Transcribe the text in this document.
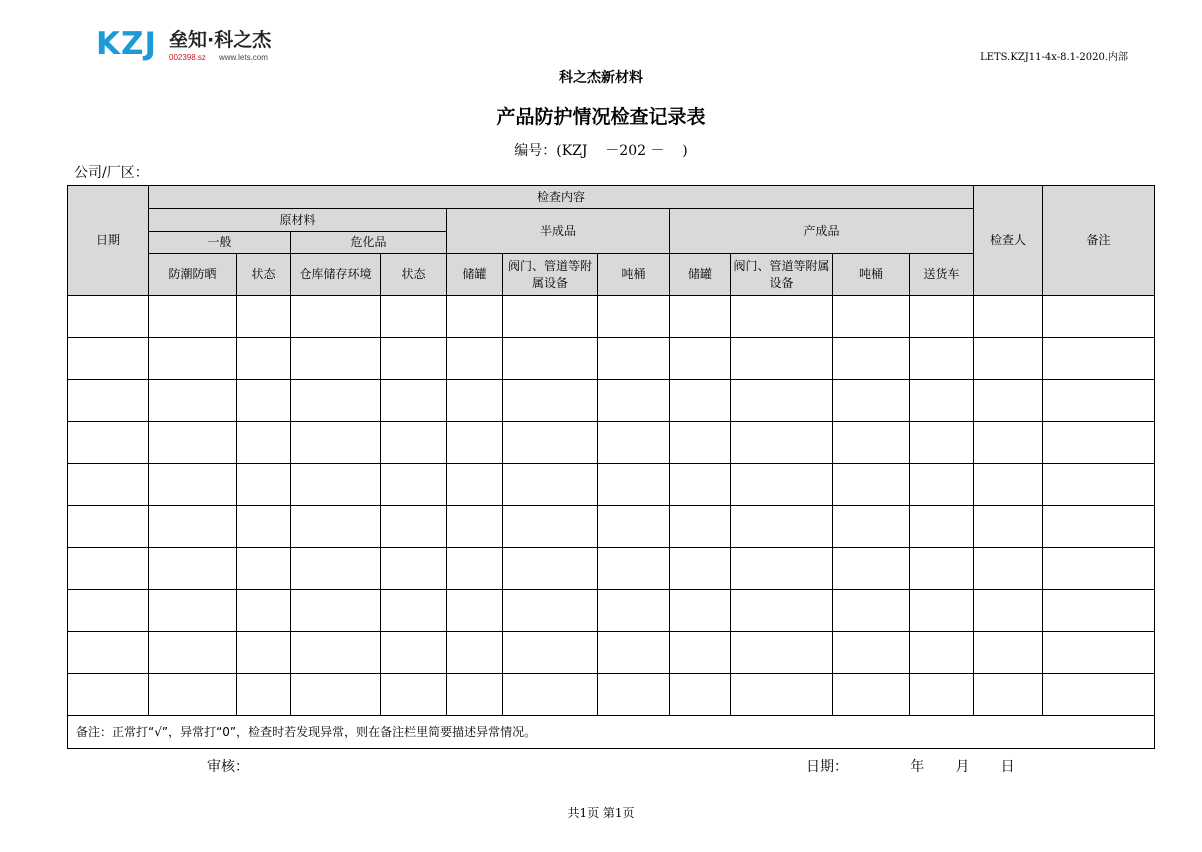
KZJ 垒知·科之杰
002398.sz www.lets.com	LETS.KZJ11-4x-8.1-2020.内部
科之杰新材料
产品防护情况检查记录表
编号：(KZJ    －202 －    )
公司/厂区：
日期	检查内容											检查人	备注
	原材料				半成品			产成品					
	一般		危化品										
	防潮防晒	状态	仓库储存环境	状态	储罐	阀门、管道等附属设备	吨桶	储罐	阀门、管道等附属设备	吨桶	送货车		

备注：正常打“√”，异常打“0”，检查时若发现异常，则在备注栏里简要描述异常情况。													
审核：	日期：              年       月       日
共1页 第1页
